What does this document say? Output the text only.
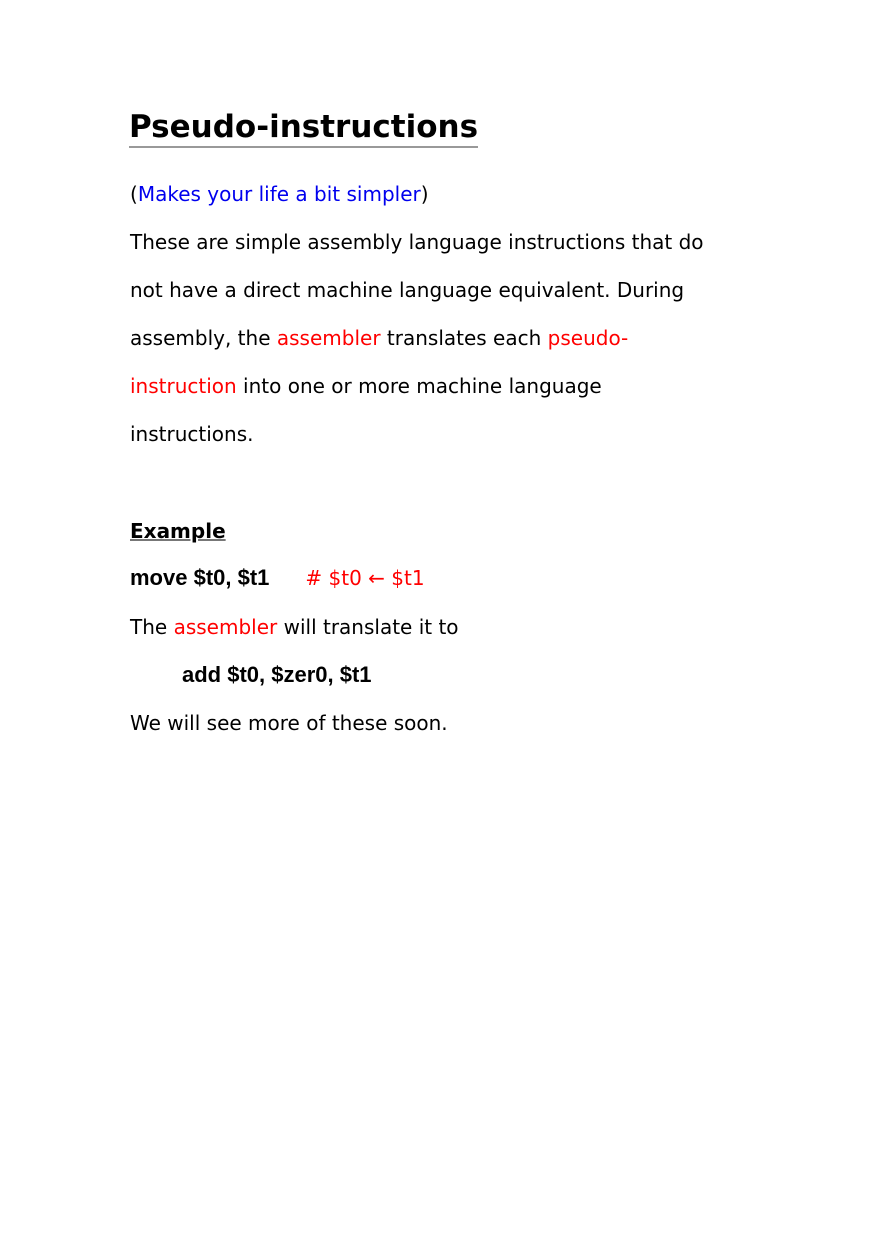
Pseudo-instructions
(Makes your life a bit simpler)
These are simple assembly language instructions that do
not have a direct machine language equivalent. During
assembly, the assembler translates each pseudo-
instruction into one or more machine language
instructions.
Example
move $t0, $t1 # $t0 ← $t1
The assembler will translate it to
add $t0, $zer0, $t1
We will see more of these soon.
